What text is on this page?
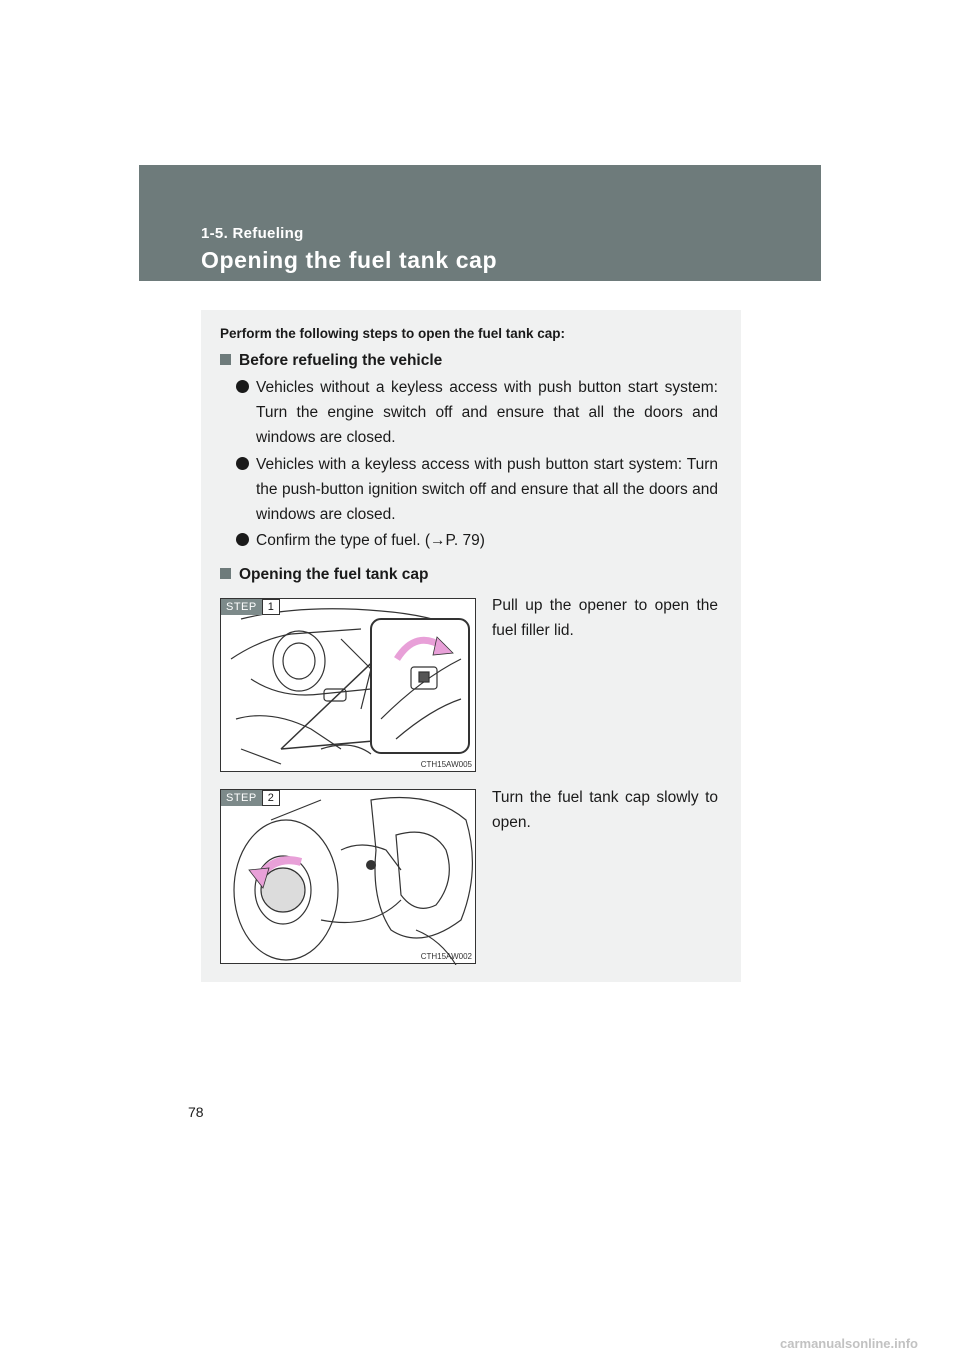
1-5. Refueling
Opening the fuel tank cap
Perform the following steps to open the fuel tank cap:
Before refueling the vehicle
Vehicles without a keyless access with push button start system: Turn the engine switch off and ensure that all the doors and windows are closed.
Vehicles with a keyless access with push button start system: Turn the push-button ignition switch off and ensure that all the doors and windows are closed.
Confirm the type of fuel. (→P. 79)
Opening the fuel tank cap
STEP	1
CTH15AW005
Pull up the opener to open the fuel filler lid.
STEP	2
CTH15AW002
Turn the fuel tank cap slowly to open.
78
carmanualsonline.info
